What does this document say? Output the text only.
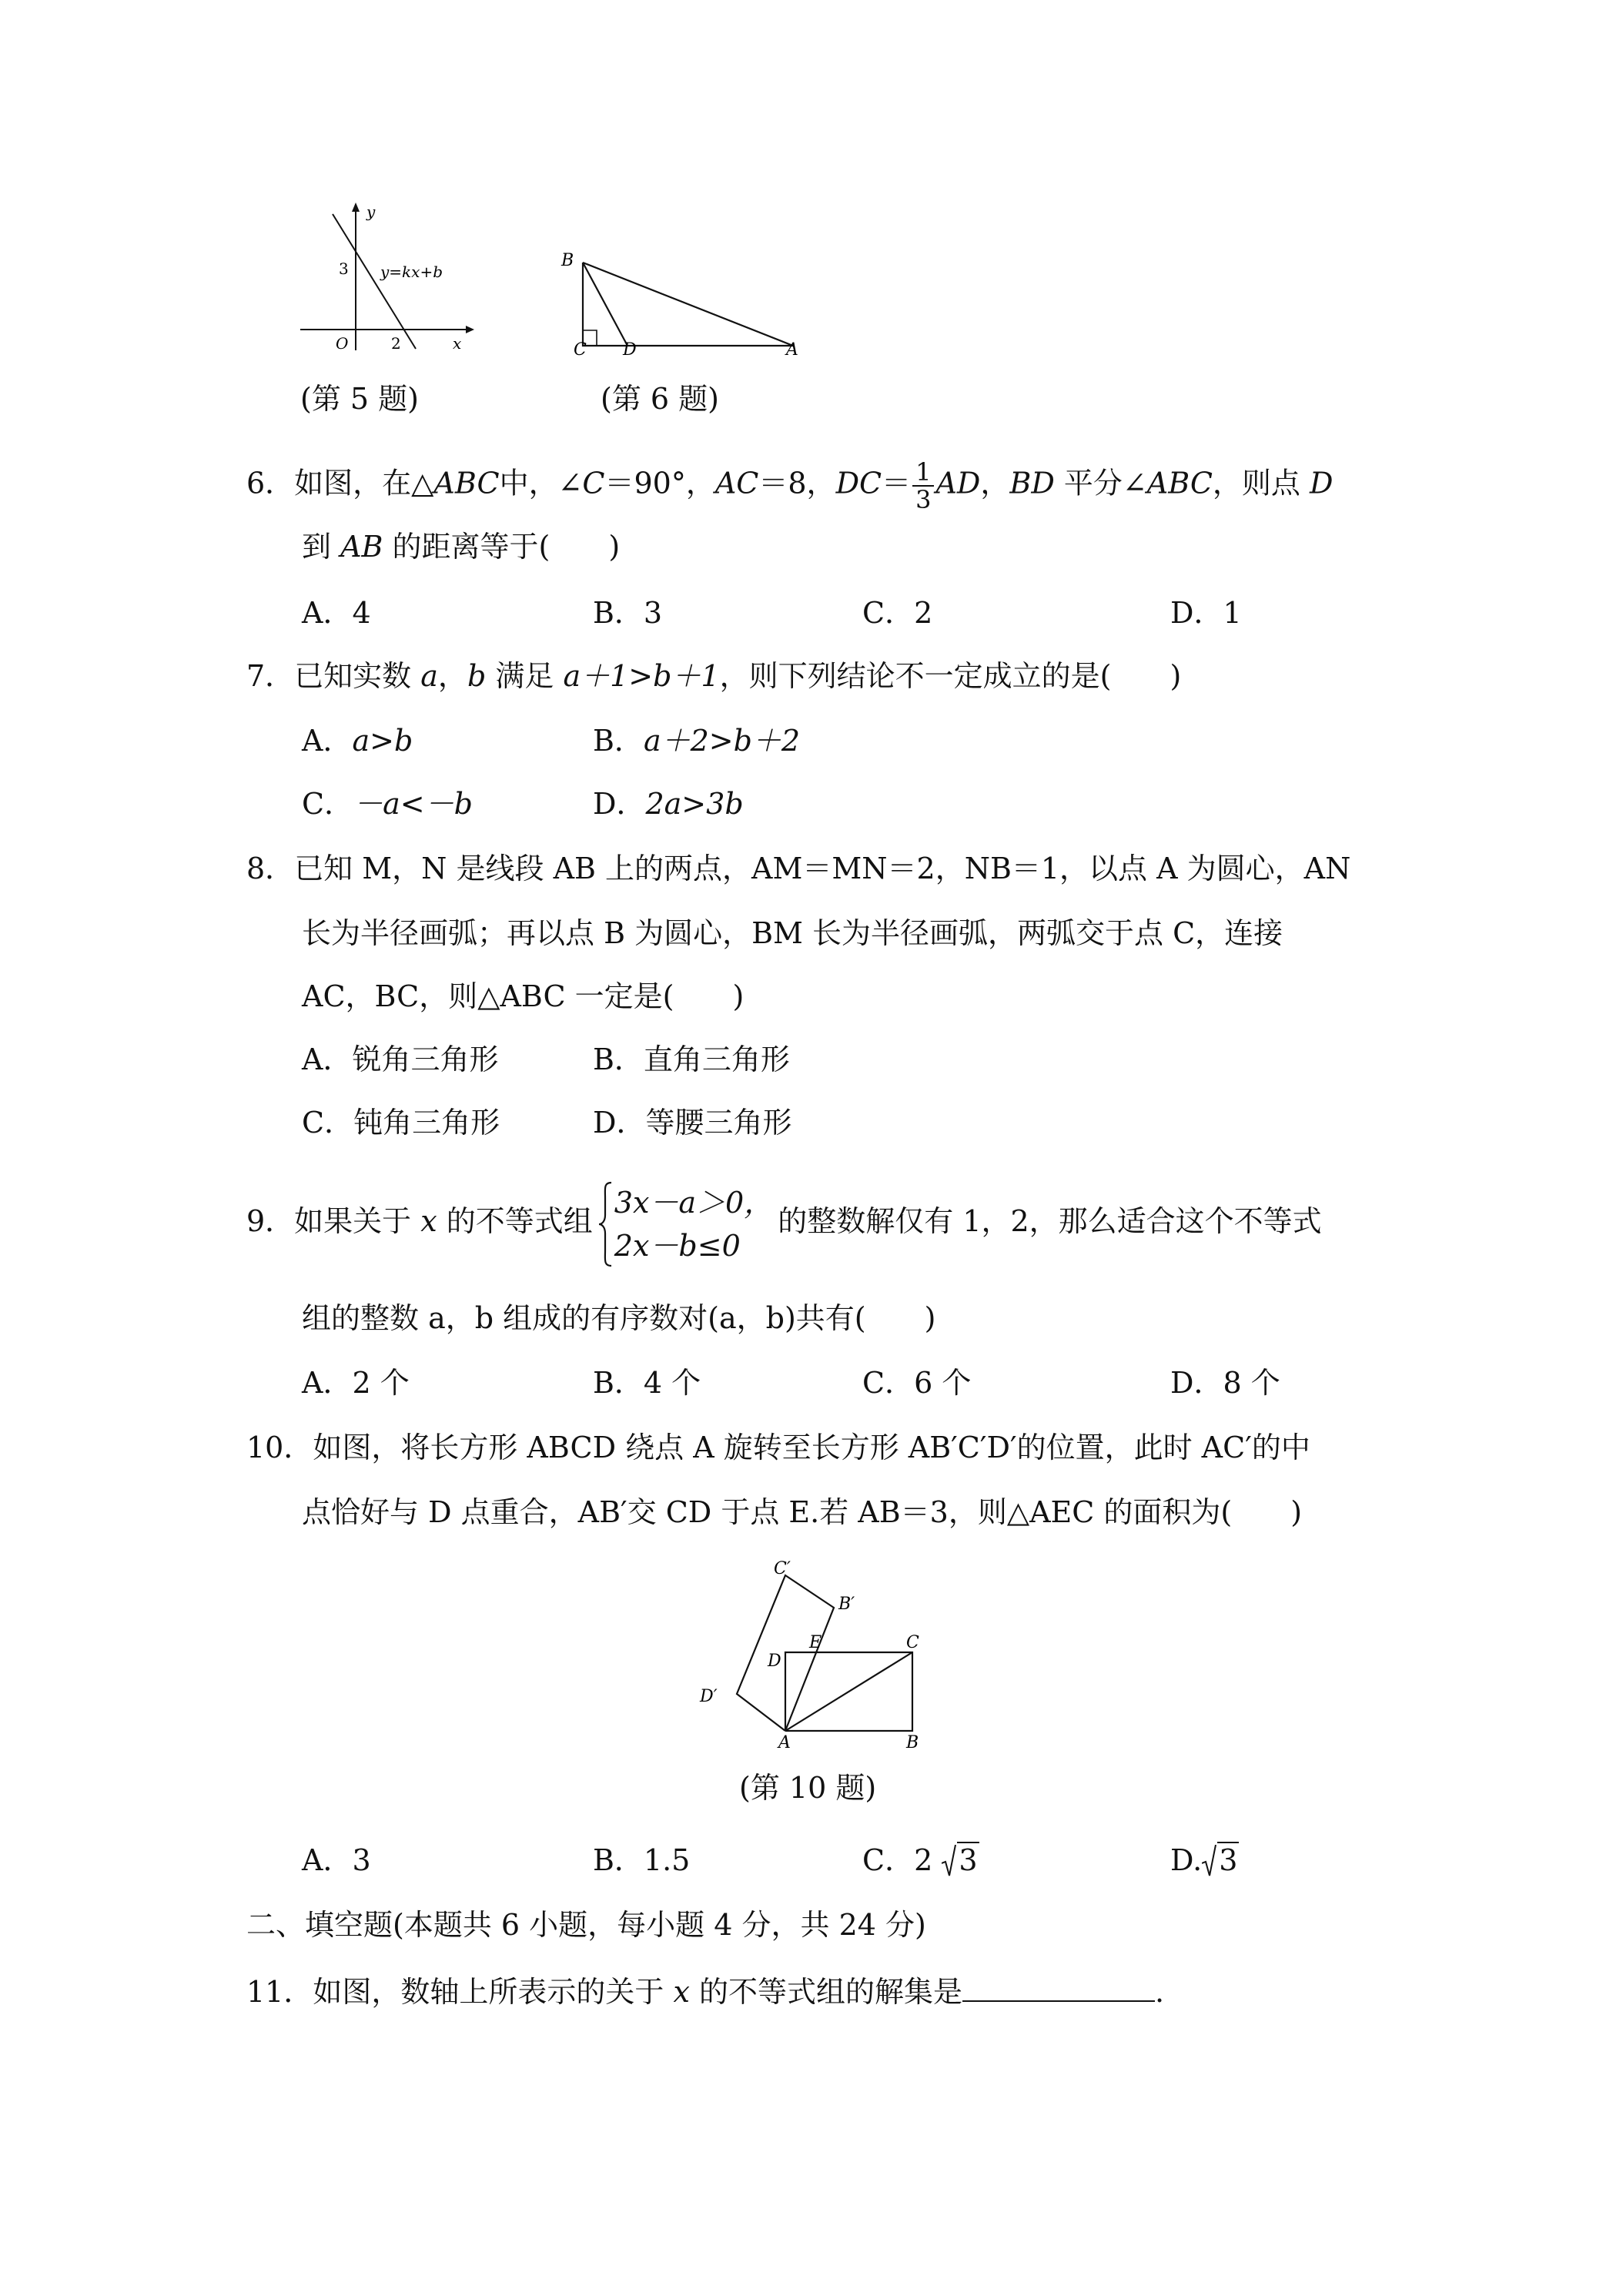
y
x
O
3
2
y=kx+b
(第 5 题)
B
C D	A
(第 6 题)
6．如图，在△ABC中，∠C＝90°，AC＝8，$DC= \frac{1}{3}$ AD，BD 平分∠ABC，则点 D
到 AB 的距离等于(　　)
A．4	B．3	C．2	D．1
7．已知实数 a，b 满足 a＋1>b＋1，则下列结论不一定成立的是(　　)
A．a>b	B．a＋2>b＋2
C．－a<－b	D．2a>3b
8．已知 M，N 是线段 AB 上的两点，AM＝MN＝2，NB＝1，以点 A 为圆心，AN
长为半径画弧；再以点 B 为圆心，BM 长为半径画弧，两弧交于点 C，连接
AC，BC，则△ABC 一定是(　　)
A．锐角三角形	B．直角三角形
C．钝角三角形	D．等腰三角形
9．如果关于 x 的不等式组
3x－a＞0，
2x－b≤0
的整数解仅有 1，2，那么适合这个不等式
组的整数 a，b 组成的有序数对(a，b)共有(　　)
A．2 个	B．4 个	C．6 个	D．8 个
10．如图，将长方形 ABCD 绕点 A 旋转至长方形 AB′C′D′的位置，此时 AC′的中
点恰好与 D 点重合，AB′交 CD 于点 E.若 AB＝3，则△AEC 的面积为(　　)
C′
B′
E	C
D
D′
A	B
(第 10 题)
A．3	B．1.5	C．2 3	D. 3
二、填空题(本题共 6 小题，每小题 4 分，共 24 分)
11．如图，数轴上所表示的关于 x 的不等式组的解集是	.
